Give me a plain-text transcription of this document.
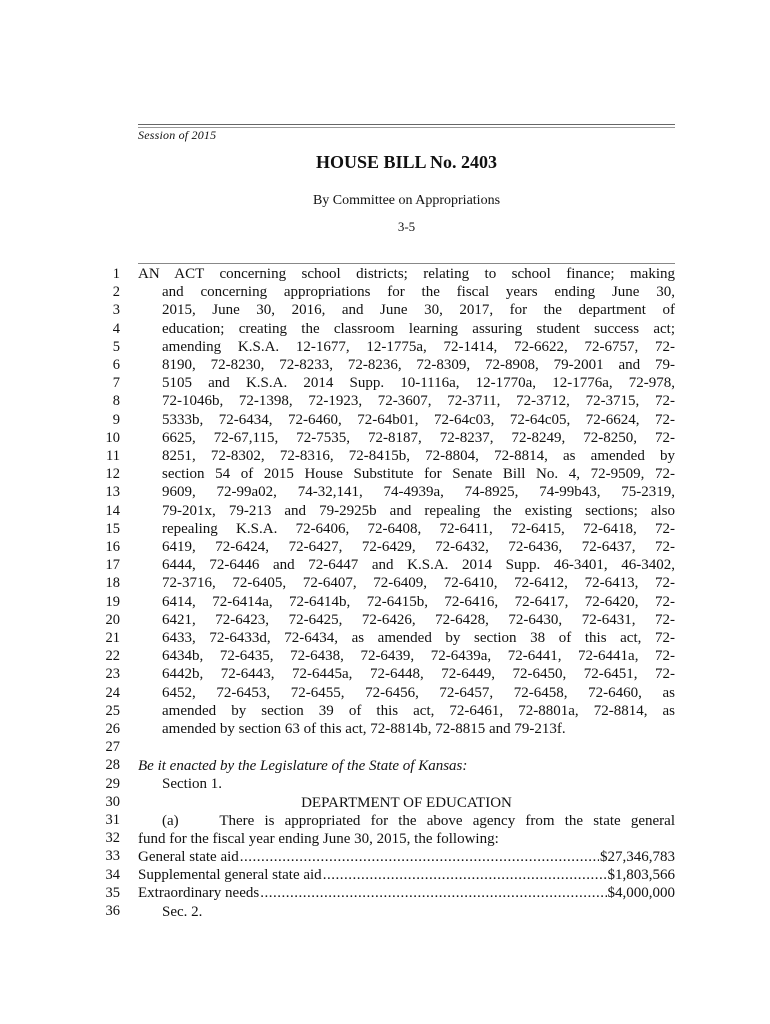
Session of 2015
HOUSE BILL No. 2403
By Committee on Appropriations
3-5
1
2
3
4
5
6
7
8
9
10
11
12
13
14
15
16
17
18
19
20
21
22
23
24
25
26
27
28
29
30
31
32
33
34
35
36
AN ACT concerning school districts; relating to school finance; making
and concerning appropriations for the fiscal years ending June 30,
2015, June 30, 2016, and June 30, 2017, for the department of
education; creating the classroom learning assuring student success act;
amending K.S.A. 12-1677, 12-1775a, 72-1414, 72-6622, 72-6757, 72-
8190, 72-8230, 72-8233, 72-8236, 72-8309, 72-8908, 79-2001 and 79-
5105 and K.S.A. 2014 Supp. 10-1116a, 12-1770a, 12-1776a, 72-978,
72-1046b, 72-1398, 72-1923, 72-3607, 72-3711, 72-3712, 72-3715, 72-
5333b, 72-6434, 72-6460, 72-64b01, 72-64c03, 72-64c05, 72-6624, 72-
6625, 72-67,115, 72-7535, 72-8187, 72-8237, 72-8249, 72-8250, 72-
8251, 72-8302, 72-8316, 72-8415b, 72-8804, 72-8814, as amended by
section 54 of 2015 House Substitute for Senate Bill No. 4, 72-9509, 72-
9609, 72-99a02, 74-32,141, 74-4939a, 74-8925, 74-99b43, 75-2319,
79-201x, 79-213 and 79-2925b and repealing the existing sections; also
repealing K.S.A. 72-6406, 72-6408, 72-6411, 72-6415, 72-6418, 72-
6419, 72-6424, 72-6427, 72-6429, 72-6432, 72-6436, 72-6437, 72-
6444, 72-6446 and 72-6447 and K.S.A. 2014 Supp. 46-3401, 46-3402,
72-3716, 72-6405, 72-6407, 72-6409, 72-6410, 72-6412, 72-6413, 72-
6414, 72-6414a, 72-6414b, 72-6415b, 72-6416, 72-6417, 72-6420, 72-
6421, 72-6423, 72-6425, 72-6426, 72-6428, 72-6430, 72-6431, 72-
6433, 72-6433d, 72-6434, as amended by section 38 of this act, 72-
6434b, 72-6435, 72-6438, 72-6439, 72-6439a, 72-6441, 72-6441a, 72-
6442b, 72-6443, 72-6445a, 72-6448, 72-6449, 72-6450, 72-6451, 72-
6452, 72-6453, 72-6455, 72-6456, 72-6457, 72-6458, 72-6460, as
amended by section 39 of this act, 72-6461, 72-8801a, 72-8814, as
amended by section 63 of this act, 72-8814b, 72-8815 and 79-213f.
Be it enacted by the Legislature of the State of Kansas:
Section 1.
DEPARTMENT OF EDUCATION
(a)    There is appropriated for the above agency from the state general
fund for the fiscal year ending June 30, 2015, the following:
General state aid .....	$27,346,783
Supplemental general state aid .....	$1,803,566
Extraordinary needs .....	$4,000,000
Sec. 2.
